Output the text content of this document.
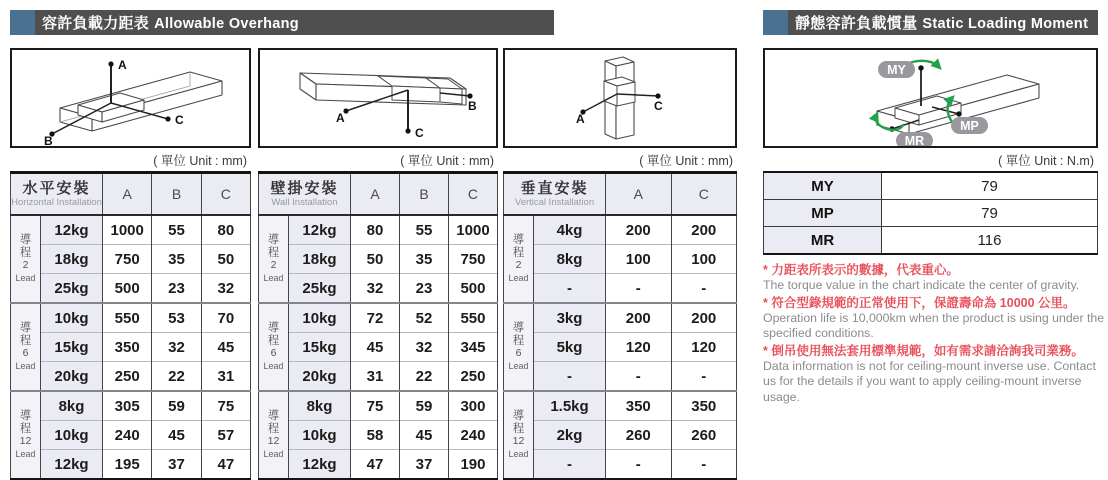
容許負載力距表 Allowable Overhang	靜態容許負載慣量 Static Loading Moment
A
B
C	A
C
B
A
C
MY
MP
MR
( 單位 Unit : mm)	( 單位 Unit : mm)	( 單位 Unit : mm)	( 單位 Unit : N.m)
水平安裝
Horizontal Installation		A	B	C

導
程
2
Lead	12kg	1000	55	80
	18kg	750	35	50
	25kg	500	23	32

導
程
6
Lead	10kg	550	53	70
	15kg	350	32	45
	20kg	250	22	31

導
程
12
Lead	8kg	305	59	75
	10kg	240	45	57
	12kg	195	37	47
壁掛安裝
Wall Installation		A	B	C

導
程
2
Lead	12kg	80	55	1000
	18kg	50	35	750
	25kg	32	23	500

導
程
6
Lead	10kg	72	52	550
	15kg	45	32	345
	20kg	31	22	250

導
程
12
Lead	8kg	75	59	300
	10kg	58	45	240
	12kg	47	37	190
垂直安裝
Vertical Installation		A	C

導
程
2
Lead	4kg	200	200
	8kg	100	100
	-	-	-

導
程
6
Lead	3kg	200	200
	5kg	120	120
	-	-	-

導
程
12
Lead	1.5kg	350	350
	2kg	260	260
	-	-	-
MY	79
MP	79
MR	116
* 力距表所表示的數據，代表重心。
The torque value in the chart indicate the center of gravity.
* 符合型錄規範的正常使用下，保證壽命為 10000 公里。
Operation life is 10,000km when the product is using under the specified conditions.
* 倒吊使用無法套用標準規範，如有需求請洽詢我司業務。
Data information is not for ceiling-mount inverse use. Contact us for the details if you want to apply ceiling-mount inverse usage.
